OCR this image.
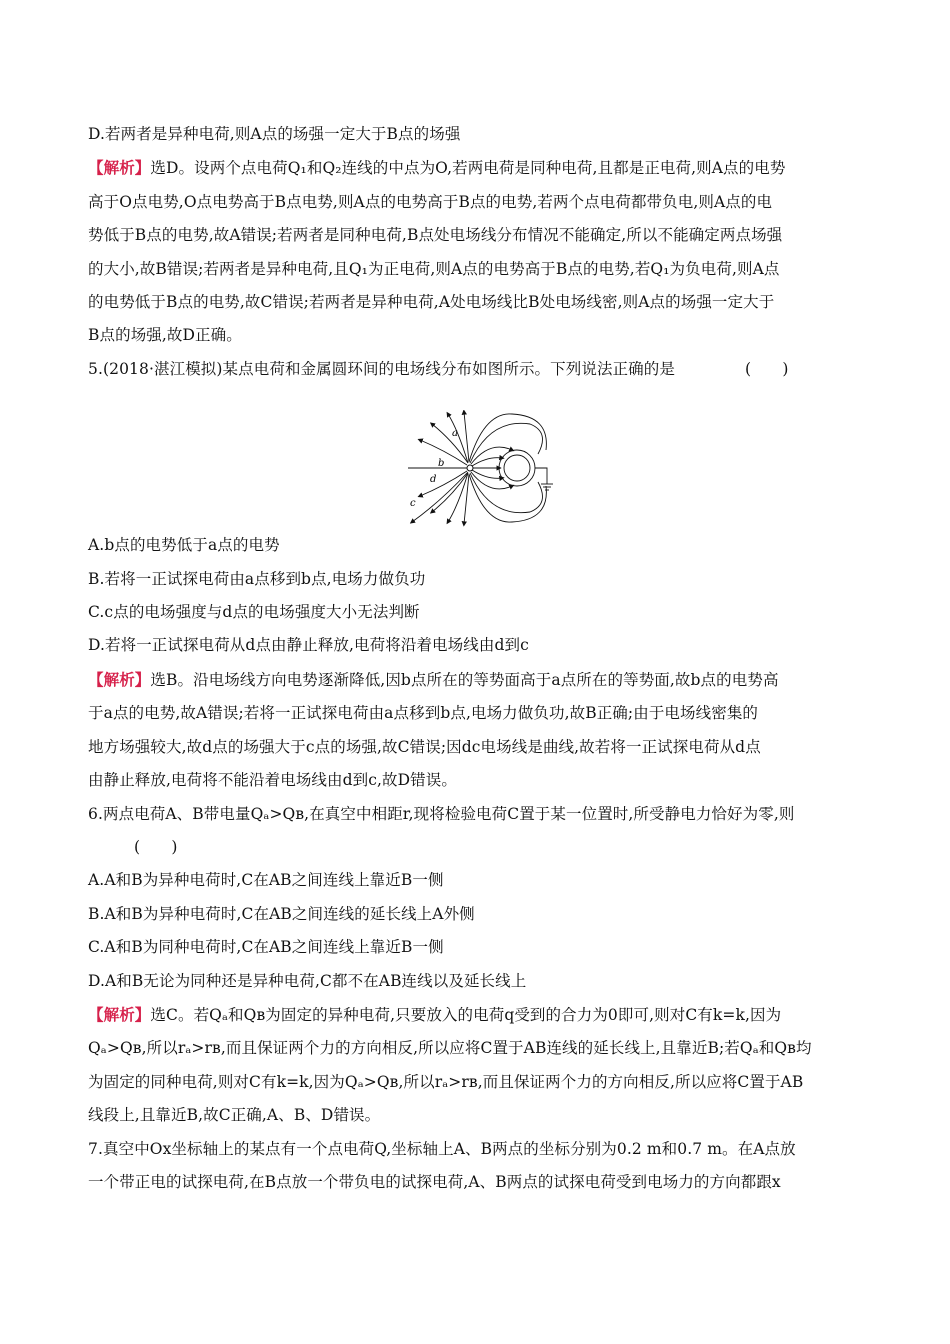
D.若两者是异种电荷,则A点的场强一定大于B点的场强
【解析】选D。设两个点电荷Q₁和Q₂连线的中点为O,若两电荷是同种电荷,且都是正电荷,则A点的电势
高于O点电势,O点电势高于B点电势,则A点的电势高于B点的电势,若两个点电荷都带负电,则A点的电
势低于B点的电势,故A错误;若两者是同种电荷,B点处电场线分布情况不能确定,所以不能确定两点场强
的大小,故B错误;若两者是异种电荷,且Q₁为正电荷,则A点的电势高于B点的电势,若Q₁为负电荷,则A点
的电势低于B点的电势,故C错误;若两者是异种电荷,A处电场线比B处电场线密,则A点的场强一定大于
B点的场强,故D正确。
5.(2018·湛江模拟)某点电荷和金属圆环间的电场线分布如图所示。下列说法正确的是	(　　)
A.b点的电势低于a点的电势
B.若将一正试探电荷由a点移到b点,电场力做负功
C.c点的电场强度与d点的电场强度大小无法判断
D.若将一正试探电荷从d点由静止释放,电荷将沿着电场线由d到c
【解析】选B。沿电场线方向电势逐渐降低,因b点所在的等势面高于a点所在的等势面,故b点的电势高
于a点的电势,故A错误;若将一正试探电荷由a点移到b点,电场力做负功,故B正确;由于电场线密集的
地方场强较大,故d点的场强大于c点的场强,故C错误;因dc电场线是曲线,故若将一正试探电荷从d点
由静止释放,电荷将不能沿着电场线由d到c,故D错误。
6.两点电荷A、B带电量Qₐ>Qв,在真空中相距r,现将检验电荷C置于某一位置时,所受静电力恰好为零,则
(　　)
A.A和B为异种电荷时,C在AB之间连线上靠近B一侧
B.A和B为异种电荷时,C在AB之间连线的延长线上A外侧
C.A和B为同种电荷时,C在AB之间连线上靠近B一侧
D.A和B无论为同种还是异种电荷,C都不在AB连线以及延长线上
【解析】选C。若Qₐ和Qв为固定的异种电荷,只要放入的电荷q受到的合力为0即可,则对C有k=k,因为
Qₐ>Qв,所以rₐ>rв,而且保证两个力的方向相反,所以应将C置于AB连线的延长线上,且靠近B;若Qₐ和Qв均
为固定的同种电荷,则对C有k=k,因为Qₐ>Qв,所以rₐ>rв,而且保证两个力的方向相反,所以应将C置于AB
线段上,且靠近B,故C正确,A、B、D错误。
7.真空中Ox坐标轴上的某点有一个点电荷Q,坐标轴上A、B两点的坐标分别为0.2 m和0.7 m。在A点放
一个带正电的试探电荷,在B点放一个带负电的试探电荷,A、B两点的试探电荷受到电场力的方向都跟x
a
b
d
c
